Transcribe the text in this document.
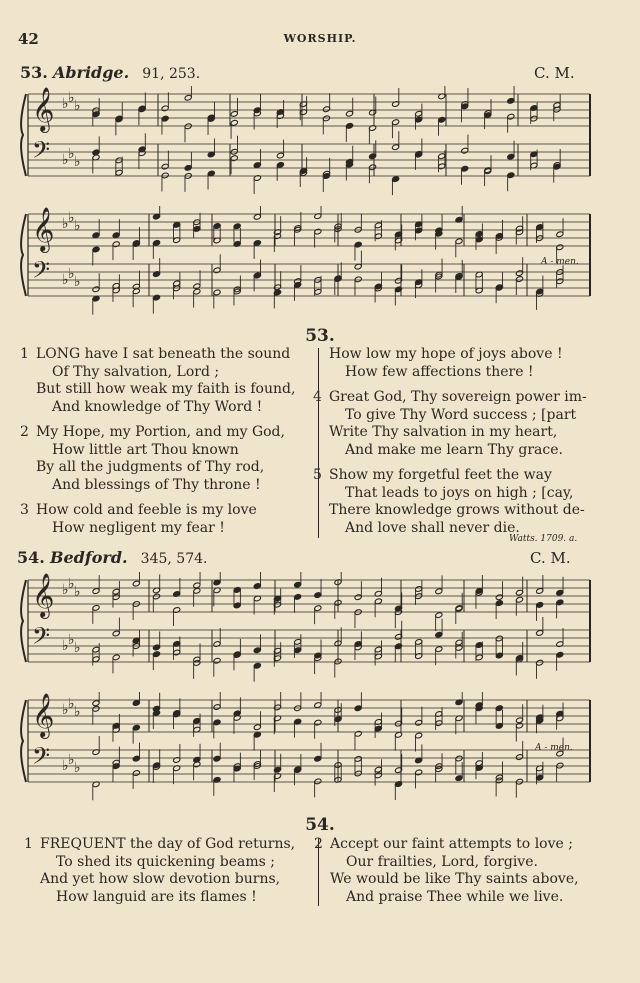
42	WORSHIP.
53. Abridge. 91, 253.	C. M.
𝄞
𝄢
♭ ♭ ♭
♭ ♭ ♭
𝄞
𝄢
♭ ♭ ♭
♭ ♭ ♭
A - men.
53.
1 LONG have I sat beneath the sound
Of Thy salvation, Lord ;
But still how weak my faith is found,
And knowledge of Thy Word !
2 My Hope, my Portion, and my God,
How little art Thou known
By all the judgments of Thy rod,
And blessings of Thy throne !
3 How cold and feeble is my love
How negligent my fear !
How low my hope of joys above !
How few affections there !
4 Great God, Thy sovereign power im-
To give Thy Word success ; [part
Write Thy salvation in my heart,
And make me learn Thy grace.
5 Show my forgetful feet the way
That leads to joys on high ; [cay,
There knowledge grows without de-
And love shall never die.
Watts. 1709. a.
54. Bedford. 345, 574.	C. M.
𝄞
𝄢
♭ ♭ ♭
♭ ♭ ♭
𝄞
𝄢
♭ ♭ ♭
♭ ♭ ♭
A - men.
54.
1 FREQUENT the day of God returns,
To shed its quickening beams ;
And yet how slow devotion burns,
How languid are its flames !
2 Accept our faint attempts to love ;
Our frailties, Lord, forgive.
We would be like Thy saints above,
And praise Thee while we live.
